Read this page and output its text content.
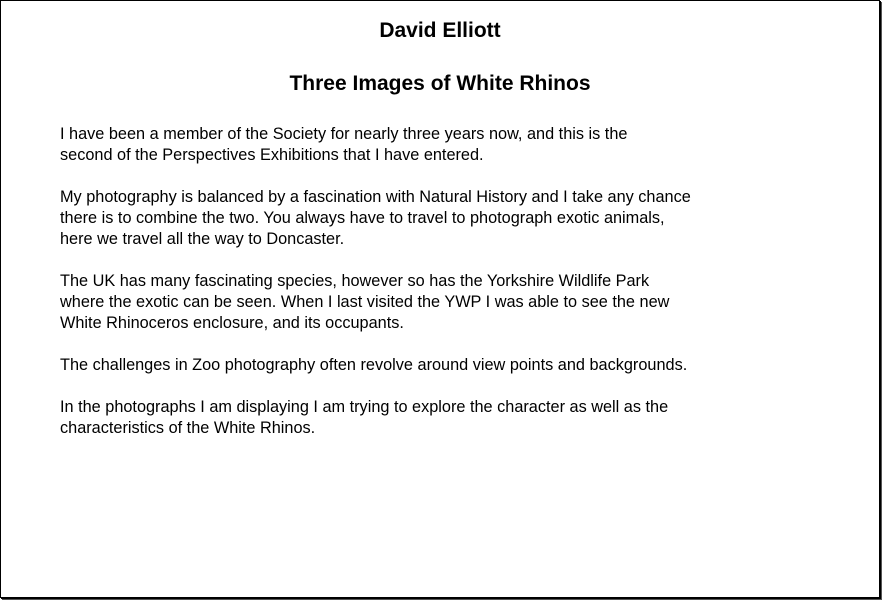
David Elliott
Three Images of White Rhinos

I have been a member of the Society for nearly three years now, and this is the
second of the Perspectives Exhibitions that I have entered.

My photography is balanced by a fascination with Natural History and I take any chance
there is to combine the two. You always have to travel to photograph exotic animals,
here we travel all the way to Doncaster.

The UK has many fascinating species, however so has the Yorkshire Wildlife Park
where the exotic can be seen. When I last visited the YWP I was able to see the new
White Rhinoceros enclosure, and its occupants.

The challenges in Zoo photography often revolve around view points and backgrounds.

In the photographs I am displaying I am trying to explore the character as well as the
characteristics of the White Rhinos.
